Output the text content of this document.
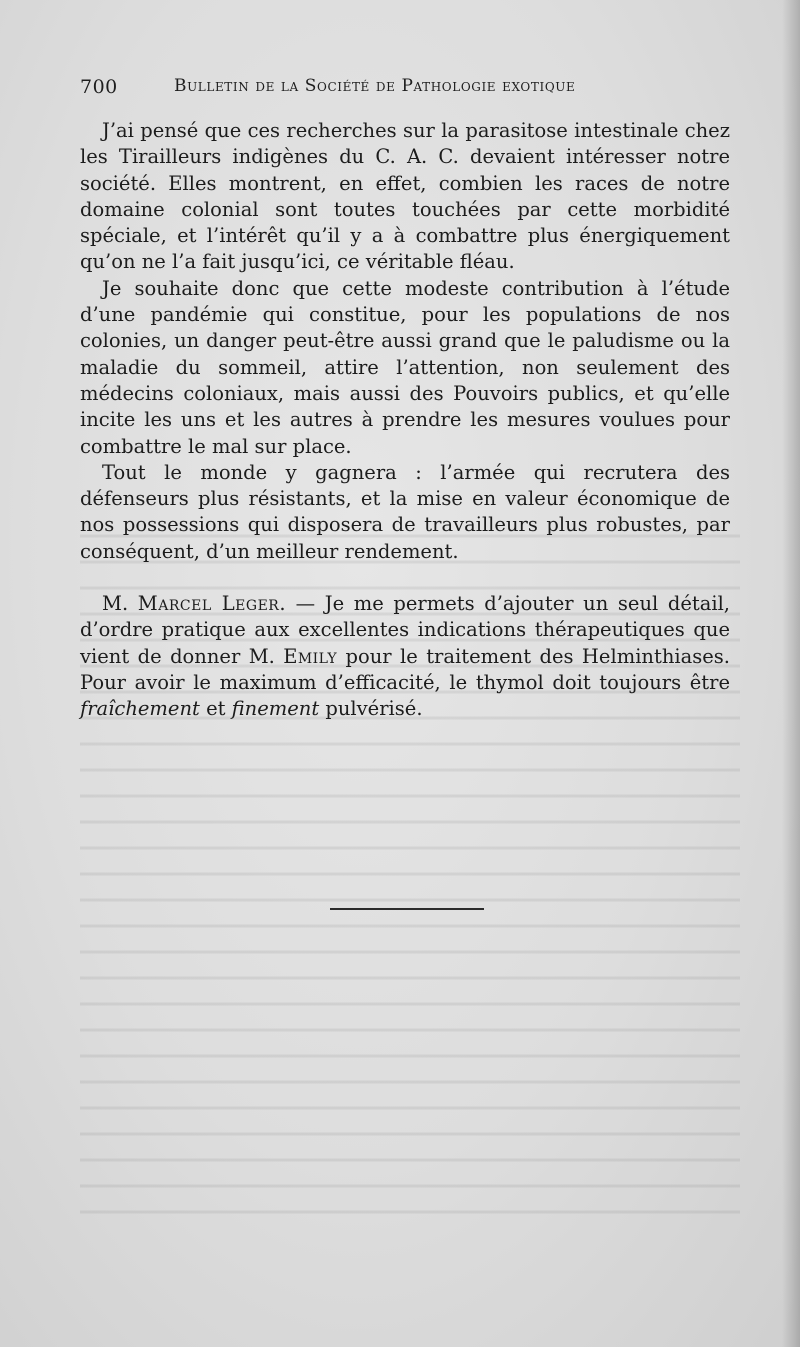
700	Bulletin de la Société de Pathologie exotique

J’ai pensé que ces recherches sur la parasitose intestinale chez les Tirailleurs indigènes du C. A. C. devaient intéresser notre société. Elles montrent, en effet, combien les races de notre domaine colonial sont toutes touchées par cette morbidité spéciale, et l’intérêt qu’il y a à combattre plus énergiquement qu’on ne l’a fait jusqu’ici, ce véritable fléau.

Je souhaite donc que cette modeste contribution à l’étude d’une pandémie qui constitue, pour les populations de nos colonies, un danger peut-être aussi grand que le paludisme ou la maladie du sommeil, attire l’attention, non seulement des médecins coloniaux, mais aussi des Pouvoirs publics, et qu’elle incite les uns et les autres à prendre les mesures voulues pour combattre le mal sur place.

Tout le monde y gagnera : l’armée qui recrutera des défenseurs plus résistants, et la mise en valeur économique de nos possessions qui disposera de travailleurs plus robustes, par conséquent, d’un meilleur rendement.

M. Marcel Leger. — Je me permets d’ajouter un seul détail, d’ordre pratique aux excellentes indications thérapeutiques que vient de donner M. Emily pour le traitement des Helminthiases. Pour avoir le maximum d’efficacité, le thymol doit toujours être fraîchement et finement pulvérisé.
